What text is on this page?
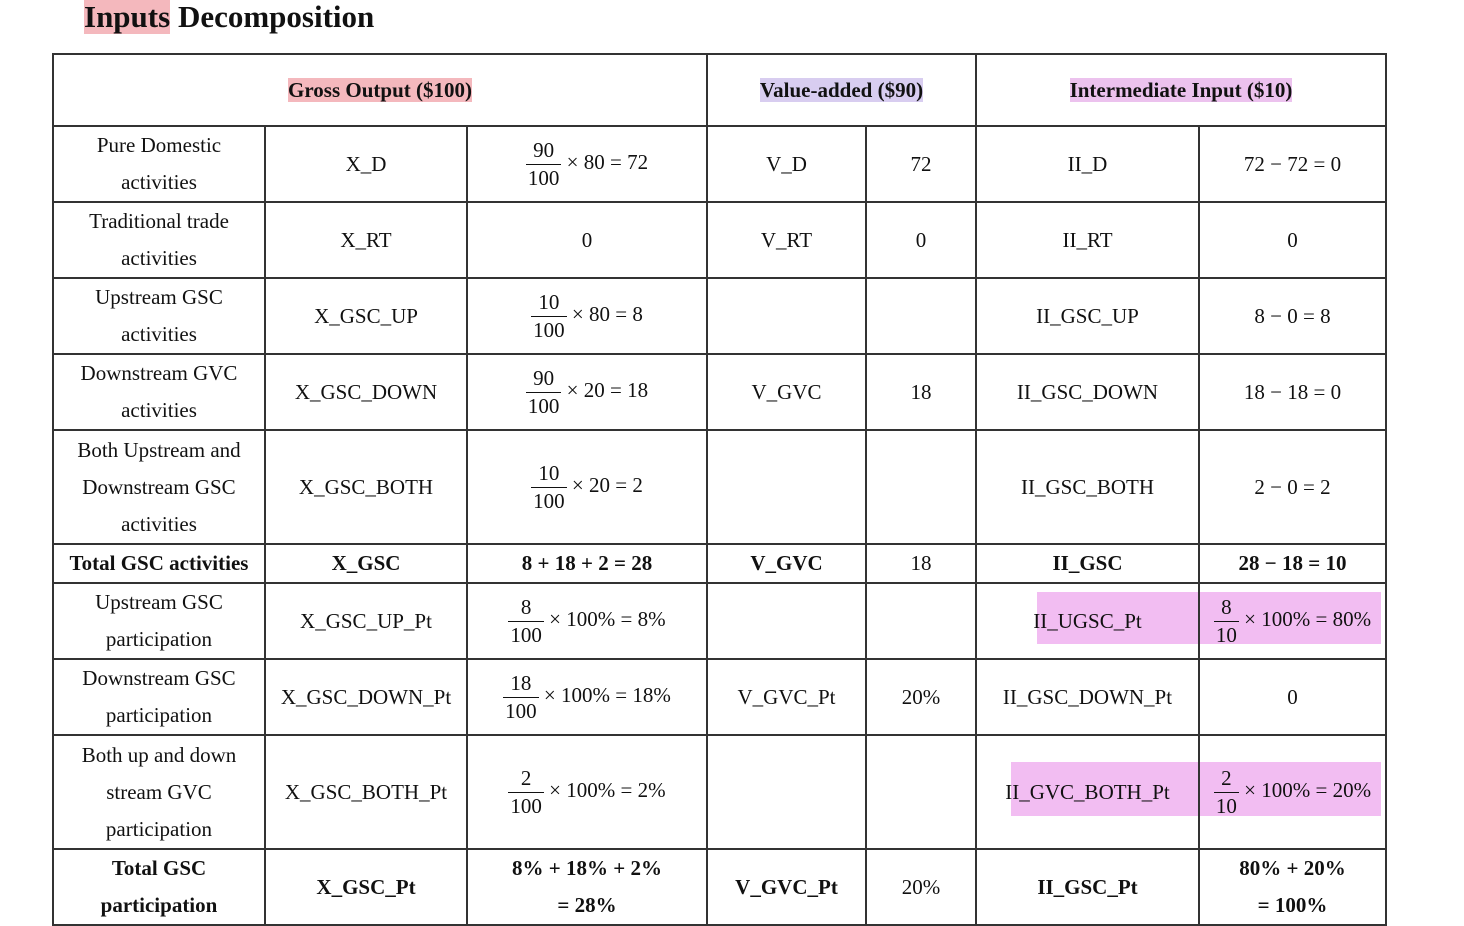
Inputs Decomposition
Gross Output ($100)			Value-added ($90)		Intermediate Input ($10)	
Pure Domestic
activities	X_D	$\frac{90}{100} \times 80 = 72$	V_D	72	II_D	72 − 72 = 0
Traditional trade
activities	X_RT	0	V_RT	0	II_RT	0
Upstream GSC
activities	X_GSC_UP	$\frac{10}{100} \times 80 = 8$			II_GSC_UP	8 − 0 = 8
Downstream GVC
activities	X_GSC_DOWN	$\frac{90}{100} \times 20 = 18$	V_GVC	18	II_GSC_DOWN	18 − 18 = 0
Both Upstream and
Downstream GSC
activities	X_GSC_BOTH	$\frac{10}{100} \times 20 = 2$			II_GSC_BOTH	2 − 0 = 2
Total GSC activities	X_GSC	8 + 18 + 2 = 28	V_GVC	18	II_GSC	28 − 18 = 10
Upstream GSC
participation	X_GSC_UP_Pt	$\frac{8}{100} \times 100\% = 8\%$			II_UGSC_Pt	$\frac{8}{10} \times 100\% = 80\%$
Downstream GSC
participation	X_GSC_DOWN_Pt	$\frac{18}{100} \times 100\% = 18\%$	V_GVC_Pt	20%	II_GSC_DOWN_Pt	0
Both up and down
stream GVC
participation	X_GSC_BOTH_Pt	$\frac{2}{100} \times 100\% = 2\%$			II_GVC_BOTH_Pt	$\frac{2}{10} \times 100\% = 20\%$
Total GSC
participation	X_GSC_Pt	8% + 18% + 2%
= 28%	V_GVC_Pt	20%	II_GSC_Pt	80% + 20%
= 100%
